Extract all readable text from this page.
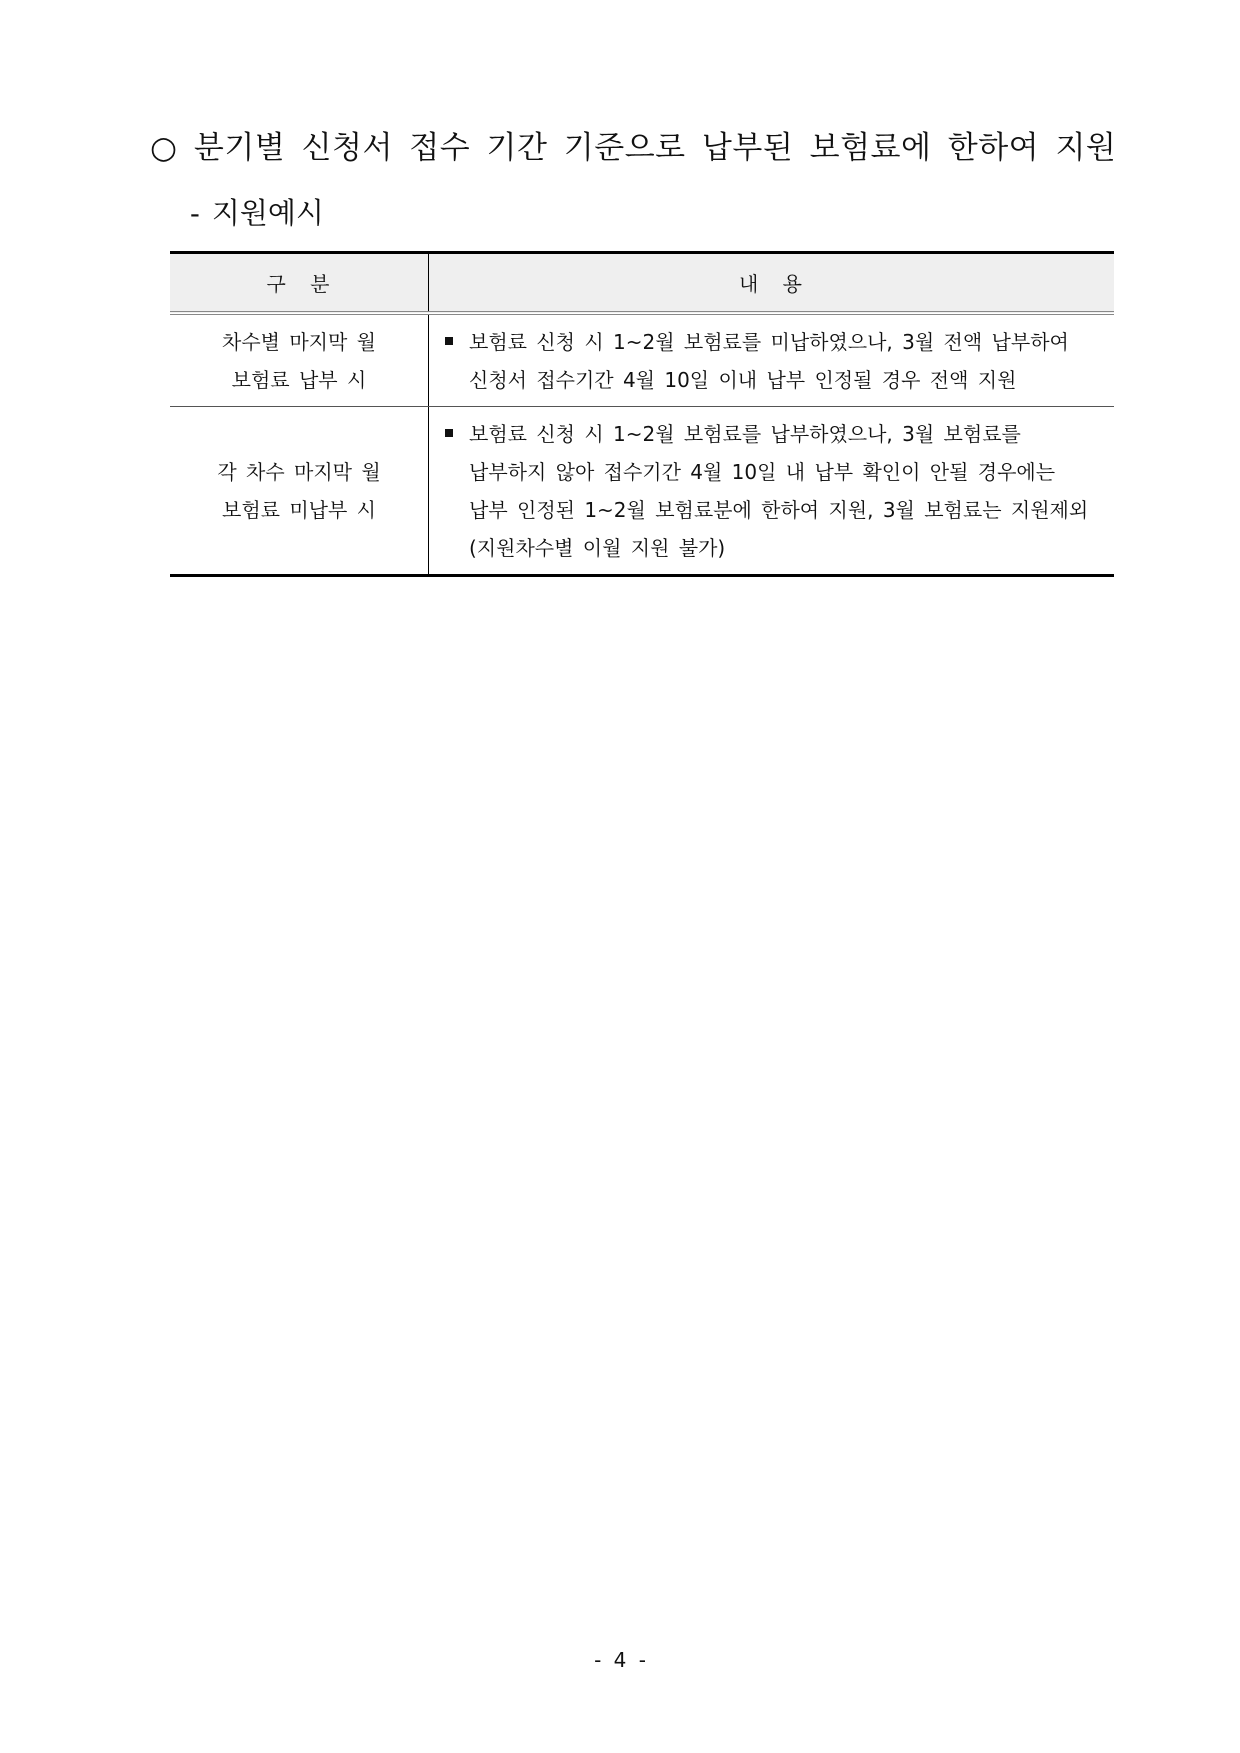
○ 분기별 신청서 접수 기간 기준으로 납부된 보험료에 한하여 지원
- 지원예시
구 분	내 용

차수별 마지막 월
보험료 납부 시	보험료 신청 시 1~2월 보험료를 미납하였으나, 3월 전액 납부하여
신청서 접수기간 4월 10일 이내 납부 인정될 경우 전액 지원

각 차수 마지막 월
보험료 미납부 시	보험료 신청 시 1~2월 보험료를 납부하였으나, 3월 보험료를
납부하지 않아 접수기간 4월 10일 내 납부 확인이 안될 경우에는
납부 인정된 1~2월 보험료분에 한하여 지원, 3월 보험료는 지원제외
(지원차수별 이월 지원 불가)
- 4 -
